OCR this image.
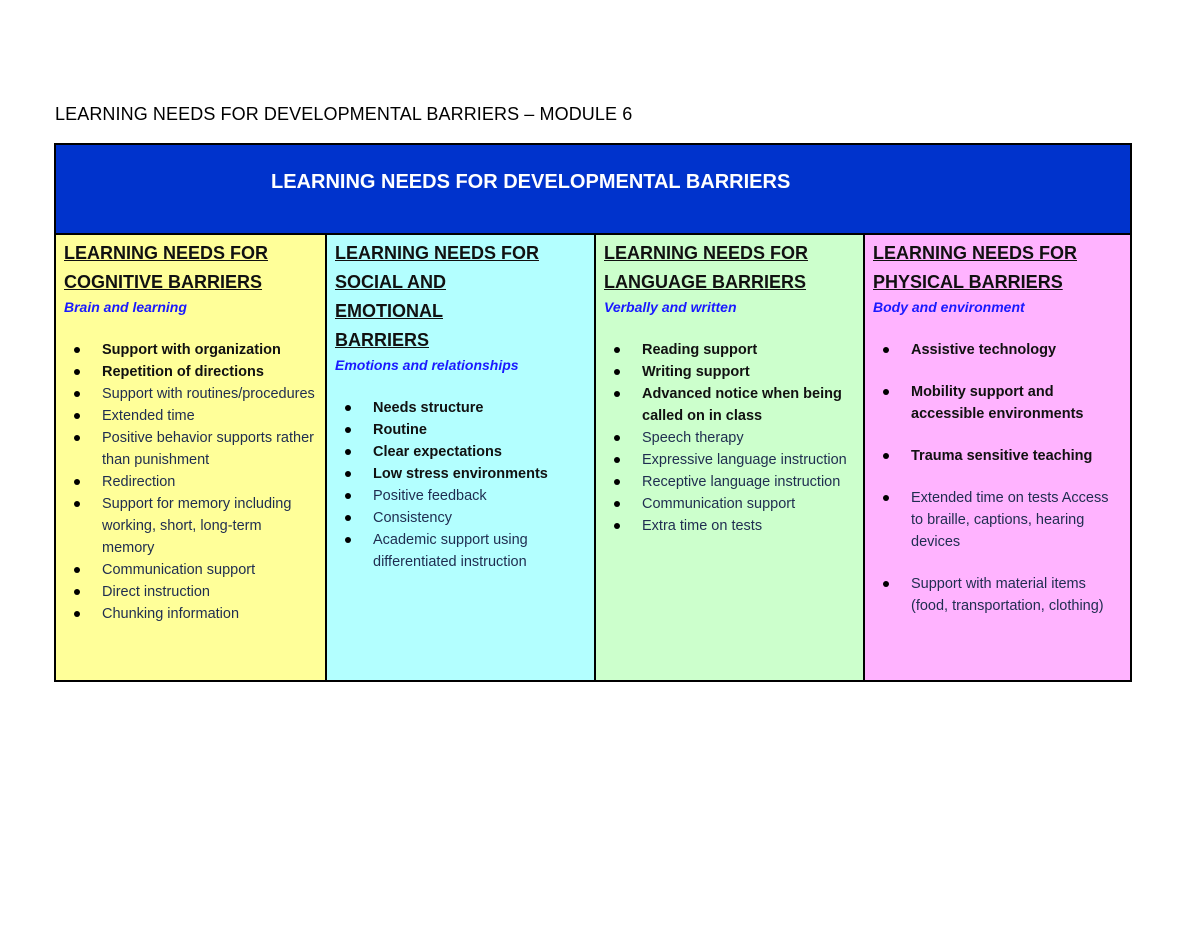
LEARNING NEEDS FOR DEVELOPMENTAL BARRIERS – MODULE 6
LEARNING NEEDS FOR DEVELOPMENTAL BARRIERS

LEARNING NEEDS FOR
COGNITIVE BARRIERS

Brain and learning

Support with organization
Repetition of directions
Support with routines/procedures
Extended time
Positive behavior supports rather than punishment
Redirection
Support for memory including working, short, long-term memory
Communication support
Direct instruction
Chunking information

LEARNING NEEDS FOR
SOCIAL AND
EMOTIONAL
BARRIERS

Emotions and relationships

Needs structure
Routine
Clear expectations
Low stress environments
Positive feedback
Consistency
Academic support using differentiated instruction

LEARNING NEEDS FOR
LANGUAGE BARRIERS

Verbally and written

Reading support
Writing support
Advanced notice when being called on in class
Speech therapy
Expressive language instruction
Receptive language instruction
Communication support
Extra time on tests

LEARNING NEEDS FOR
PHYSICAL BARRIERS

Body and environment

Assistive technology
Mobility support and accessible environments
Trauma sensitive teaching
Extended time on tests Access to braille, captions, hearing devices
Support with material items (food, transportation, clothing)
